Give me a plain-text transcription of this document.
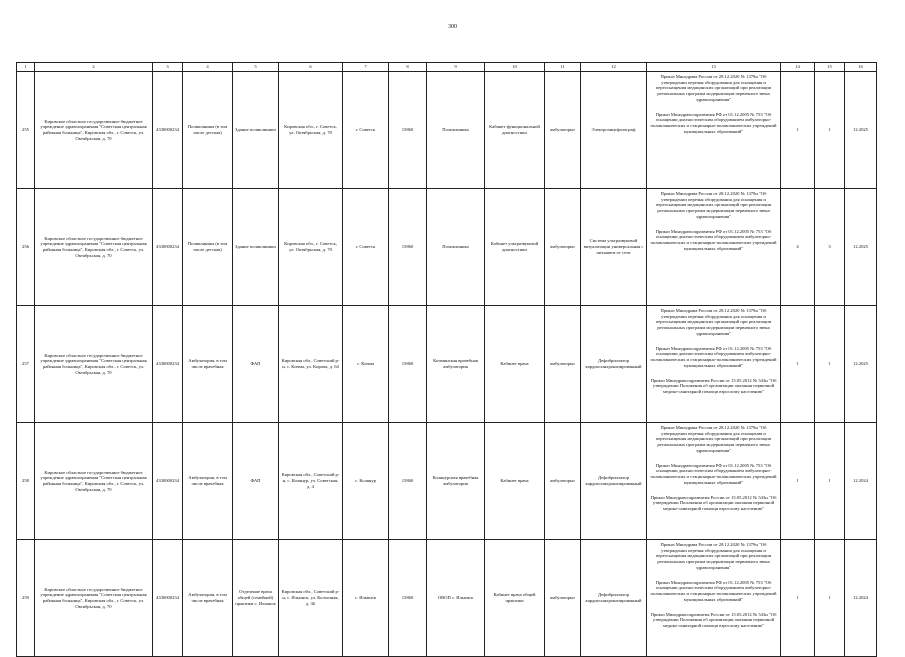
300
1	2	3	4	5	6	7	8	9	10	11	12	13	14	15	16
255	Кировское областное государственное бюджетное учреждение здравоохранения "Советская центральная районная больница", Кировская обл., г. Советск, ул. Октябрьская, д. 70	4330000234	Поликлиника (в том числе детская)	Здание поликлиники	Кировская обл., г. Советск, ул. Октябрьская, д. 70	г. Советск	15860	Поликлиника	Кабинет функциональной диагностики	амбулаторно	Электроэнцефалограф	Приказ Минздрава России от 28.12.2020 № 1379н "Об утверждении перечня оборудования для оснащения и переоснащения медицинских организаций при реализации региональных программ модернизации первичного звена здравоохранения"
Приказ Минздравсоцразвития РФ от 01.12.2005 № 753 "Об оснащении диагностическим оборудованием амбулаторно-поликлинических и стационарно-поликлинических учреждений муниципальных образований"	1	1	12.2025
256	Кировское областное государственное бюджетное учреждение здравоохранения "Советская центральная районная больница", Кировская обл., г. Советск, ул. Октябрьская, д. 70	4330000234	Поликлиника (в том числе детская)	Здание поликлиники	Кировская обл., г. Советск, ул. Октябрьская, д. 70	г. Советск	15860	Поликлиника	Кабинет ультразвуковой диагностики	амбулаторно	Система ультразвуковой визуализации универсальная с питанием от сети	Приказ Минздрава России от 28.12.2020 № 1379н "Об утверждении перечня оборудования для оснащения и переоснащения медицинских организаций при реализации региональных программ модернизации первичного звена здравоохранения"
Приказ Минздравсоцразвития РФ от 01.12.2005 № 753 "Об оснащении диагностическим оборудованием амбулаторно-поликлинических и стационарно-поликлинических учреждений муниципальных образований"	4	3	12.2025
257	Кировское областное государственное бюджетное учреждение здравоохранения "Советская центральная районная больница", Кировская обл., г. Советск, ул. Октябрьская, д. 70	4330000234	Амбулатория, в том числе врачебная	ФАП	Кировская обл., Советский р-н, с. Кичма, ул. Кирова, д. 64	с. Кичма	15860	Кичминская врачебная амбулатория	Кабинет врача	амбулаторно	Дефибриллятор кардиосинхронизированный	Приказ Минздрава России от 28.12.2020 № 1379н "Об утверждении перечня оборудования для оснащения и переоснащения медицинских организаций при реализации региональных программ модернизации первичного звена здравоохранения"
Приказ Минздравсоцразвития РФ от 01.12.2005 № 753 "Об оснащении диагностическим оборудованием амбулаторно-поликлинических и стационарно-поликлинических учреждений муниципальных образований"
Приказ Минздравсоцразвития России от 15.05.2012 № 543н "Об утверждении Положения об организации оказания первичной медико-санитарной помощи взрослому населению"	1	1	12.2025
258	Кировское областное государственное бюджетное учреждение здравоохранения "Советская центральная районная больница", Кировская обл., г. Советск, ул. Октябрьская, д. 70	4330000234	Амбулатория, в том числе врачебная	ФАП	Кировская обл., Советский р-н, с. Колянур, ул. Советская, д. 4	с. Колянур	15860	Колянурская врачебная амбулатория	Кабинет врача	амбулаторно	Дефибриллятор кардиосинхронизированный	Приказ Минздрава России от 28.12.2020 № 1379н "Об утверждении перечня оборудования для оснащения и переоснащения медицинских организаций при реализации региональных программ модернизации первичного звена здравоохранения"
Приказ Минздравсоцразвития РФ от 01.12.2005 № 753 "Об оснащении диагностическим оборудованием амбулаторно-поликлинических и стационарно-поликлинических учреждений муниципальных образований"
Приказ Минздравсоцразвития России от 15.05.2012 № 543н "Об утверждении Положения об организации оказания первичной медико-санитарной помощи взрослому населению"	1	1	12.2024
259	Кировское областное государственное бюджетное учреждение здравоохранения "Советская центральная районная больница", Кировская обл., г. Советск, ул. Октябрьская, д. 70	4330000234	Амбулатория, в том числе врачебная	Отделение врача общей (семейной) практики с. Ильинск	Кировская обл., Советский р-н, с. Ильинск, ул. Колхозная, д. 36	с. Ильинск	15860	ОВОП с. Ильинск	Кабинет врача общей практики	амбулаторно	Дефибриллятор кардиосинхронизированный	Приказ Минздрава России от 28.12.2020 № 1379н "Об утверждении перечня оборудования для оснащения и переоснащения медицинских организаций при реализации региональных программ модернизации первичного звена здравоохранения"
Приказ Минздравсоцразвития РФ от 01.12.2005 № 753 "Об оснащении диагностическим оборудованием амбулаторно-поликлинических и стационарно-поликлинических учреждений муниципальных образований"
Приказ Минздравсоцразвития России от 15.05.2012 № 543н "Об утверждении Положения об организации оказания первичной медико-санитарной помощи взрослому населению"	1	1	12.2024
